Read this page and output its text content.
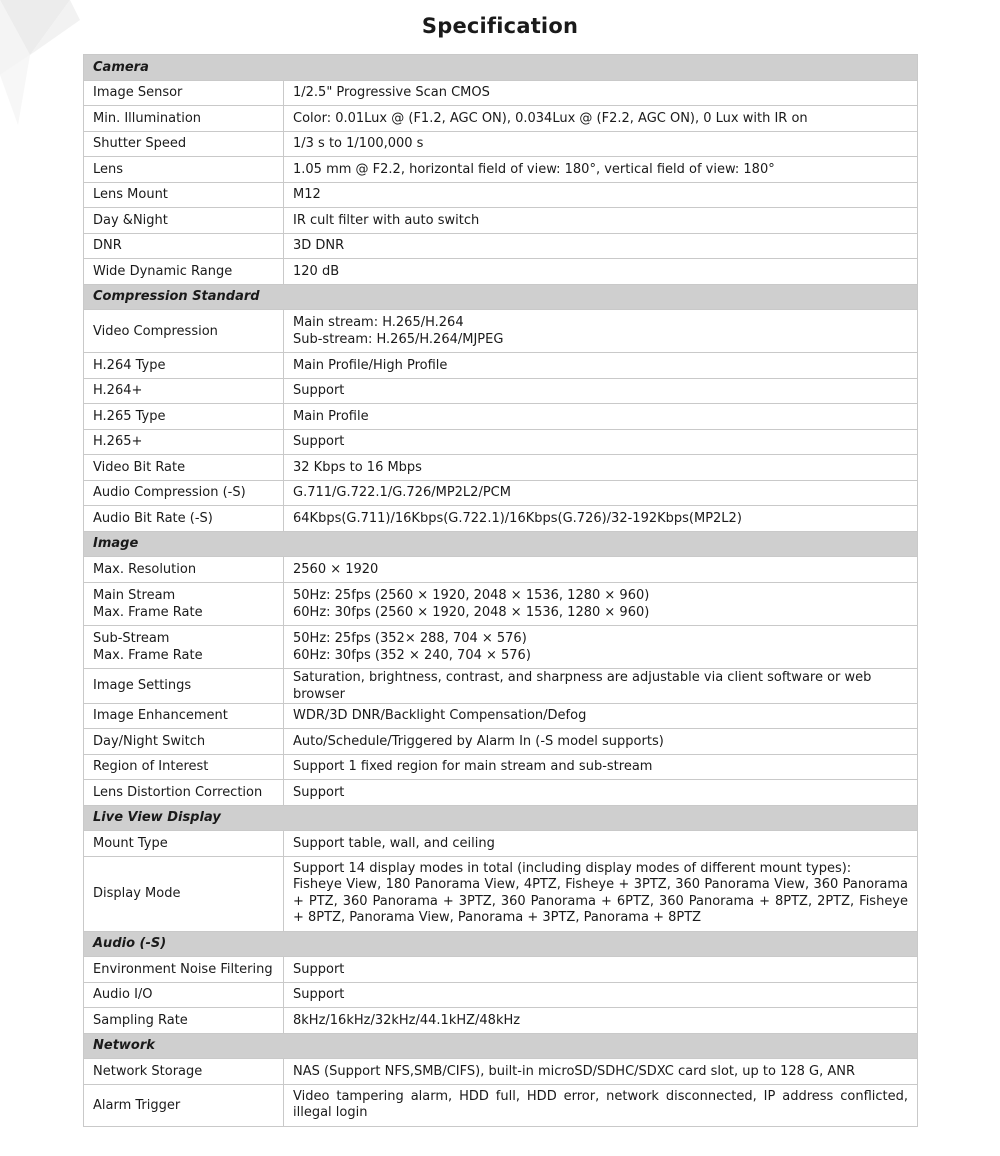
Specification
Camera	

Image Sensor	1/2.5" Progressive Scan CMOS

Min. Illumination	Color: 0.01Lux @ (F1.2, AGC ON), 0.034Lux @ (F2.2, AGC ON), 0 Lux with IR on

Shutter Speed	1/3 s to 1/100,000 s

Lens	1.05 mm @ F2.2, horizontal field of view: 180°, vertical field of view: 180°

Lens Mount	M12

Day &Night	IR cult filter with auto switch

DNR	3D DNR

Wide Dynamic Range	120 dB

Compression Standard	

Video Compression	Main stream: H.265/H.264
Sub-stream: H.265/H.264/MJPEG

H.264 Type	Main Profile/High Profile

H.264+	Support

H.265 Type	Main Profile

H.265+	Support

Video Bit Rate	32 Kbps to 16 Mbps

Audio Compression (-S)	G.711/G.722.1/G.726/MP2L2/PCM

Audio Bit Rate (-S)	64Kbps(G.711)/16Kbps(G.722.1)/16Kbps(G.726)/32-192Kbps(MP2L2)

Image	

Max. Resolution	2560 × 1920

Main Stream
Max. Frame Rate	50Hz: 25fps (2560 × 1920, 2048 × 1536, 1280 × 960)
60Hz: 30fps (2560 × 1920, 2048 × 1536, 1280 × 960)

Sub-Stream
Max. Frame Rate	50Hz: 25fps (352× 288, 704 × 576)
60Hz: 30fps (352 × 240, 704 × 576)

Image Settings	Saturation, brightness, contrast, and sharpness are adjustable via client software or web browser

Image Enhancement	WDR/3D DNR/Backlight Compensation/Defog

Day/Night Switch	Auto/Schedule/Triggered by Alarm In (-S model supports)

Region of Interest	Support 1 fixed region for main stream and sub-stream

Lens Distortion Correction	Support

Live View Display	

Mount Type	Support table, wall, and ceiling

Display Mode	Support 14 display modes in total (including display modes of different mount types):
Fisheye View, 180 Panorama View, 4PTZ, Fisheye + 3PTZ, 360 Panorama View, 360 Panorama + PTZ, 360 Panorama + 3PTZ, 360 Panorama + 6PTZ, 360 Panorama + 8PTZ, 2PTZ, Fisheye + 8PTZ, Panorama View, Panorama + 3PTZ, Panorama + 8PTZ

Audio (-S)	

Environment Noise Filtering	Support

Audio I/O	Support

Sampling Rate	8kHz/16kHz/32kHz/44.1kHZ/48kHz

Network	

Network Storage	NAS (Support NFS,SMB/CIFS), built-in microSD/SDHC/SDXC card slot, up to 128 G, ANR

Alarm Trigger	Video tampering alarm, HDD full, HDD error, network disconnected, IP address conflicted, illegal login
